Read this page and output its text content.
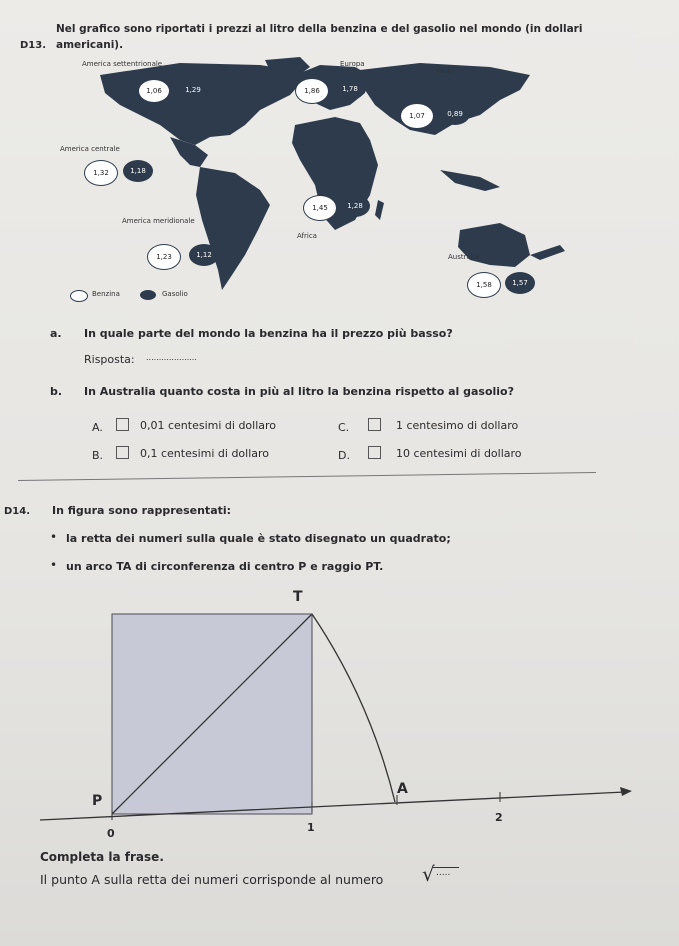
D13.
Nel grafico sono riportati i prezzi al litro della benzina e del gasolio nel mondo (in dollari
americani).
America settentrionale	Europa
Asia
America centrale
America meridionale
Africa
Australia
1,06	1,29
1,32	1,18
1,23	1,12
1,86	1,78
1,07	0,89
1,45	1,28
1,58	1,57
Benzina	Gasolio
a. In quale parte del mondo la benzina ha il prezzo più basso?
Risposta: ....................
b. In Australia quanto costa in più al litro la benzina rispetto al gasolio?
A.	0,01 centesimi di dollaro
B.	0,1 centesimi di dollaro
C.	1 centesimo di dollaro
D.	10 centesimi di dollaro
D14. In figura sono rappresentati:
• la retta dei numeri sulla quale è stato disegnato un quadrato;
• un arco TA di circonferenza di centro P e raggio PT.
T
P
A
0	1
2
Completa la frase.
Il punto A sulla retta dei numeri corrisponde al numero √ .....
